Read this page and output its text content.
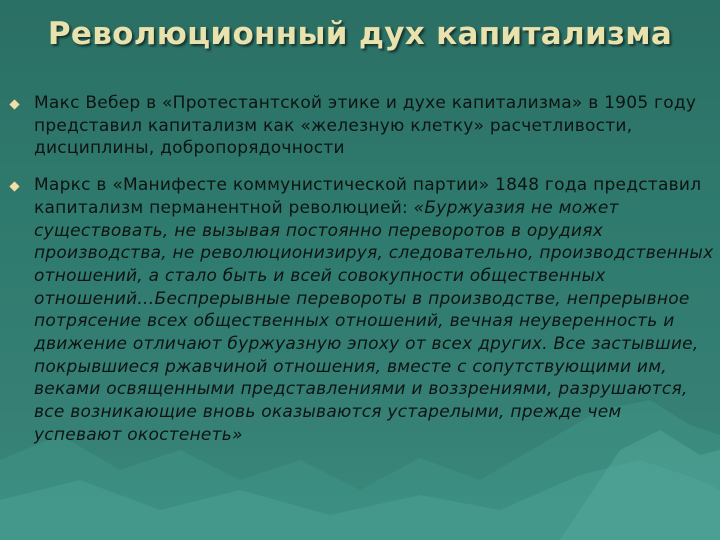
Революционный дух капитализма
Макс Вебер в «Протестантской этике и духе капитализма» в 1905 году представил капитализм как «железную клетку» расчетливости, дисциплины, добропорядочности
Маркс в «Манифесте коммунистической партии» 1848 года представил капитализм перманентной революцией: «Буржуазия не может существовать, не вызывая постоянно переворотов в орудиях производства, не революционизируя, следовательно, производственных отношений, а стало быть и всей совокупности общественных отношений…Беспрерывные перевороты в производстве, непрерывное потрясение всех общественных отношений, вечная неуверенность и движение отличают буржуазную эпоху от всех других. Все застывшие, покрывшиеся ржавчиной отношения, вместе с сопутствующими им, веками освященными представлениями и воззрениями, разрушаются, все возникающие вновь оказываются устарелыми, прежде чем успевают окостенеть»
